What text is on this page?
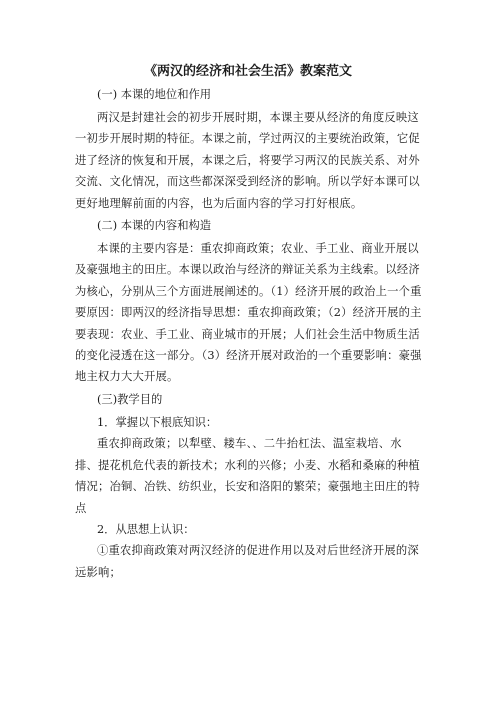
《两汉的经济和社会生活》教案范文
(一) 本课的地位和作用

两汉是封建社会的初步开展时期，本课主要从经济的角度反映这一初步开展时期的特征。本课之前，学过两汉的主要统治政策，它促进了经济的恢复和开展，本课之后，将要学习两汉的民族关系、对外交流、文化情况，而这些都深深受到经济的影响。所以学好本课可以更好地理解前面的内容，也为后面内容的学习打好根底。

(二) 本课的内容和构造

本课的主要内容是：重农抑商政策；农业、手工业、商业开展以及豪强地主的田庄。本课以政治与经济的辩证关系为主线索。以经济为核心，分别从三个方面进展阐述的。（1）经济开展的政治上一个重要原因：即两汉的经济指导思想：重农抑商政策；（2）经济开展的主要表现：农业、手工业、商业城市的开展；人们社会生活中物质生活的变化浸透在这一部分。（3）经济开展对政治的一个重要影响：豪强地主权力大大开展。

(三)教学目的
1．掌握以下根底知识：

重农抑商政策；以犁壁、耧车、、二牛抬杠法、温室栽培、水排、提花机危代表的新技术；水利的兴修；小麦、水稻和桑麻的种植情况；冶铜、冶铁、纺织业，长安和洛阳的繁荣；豪强地主田庄的特点

2．从思想上认识：

①重农抑商政策对两汉经济的促进作用以及对后世经济开展的深远影响；
